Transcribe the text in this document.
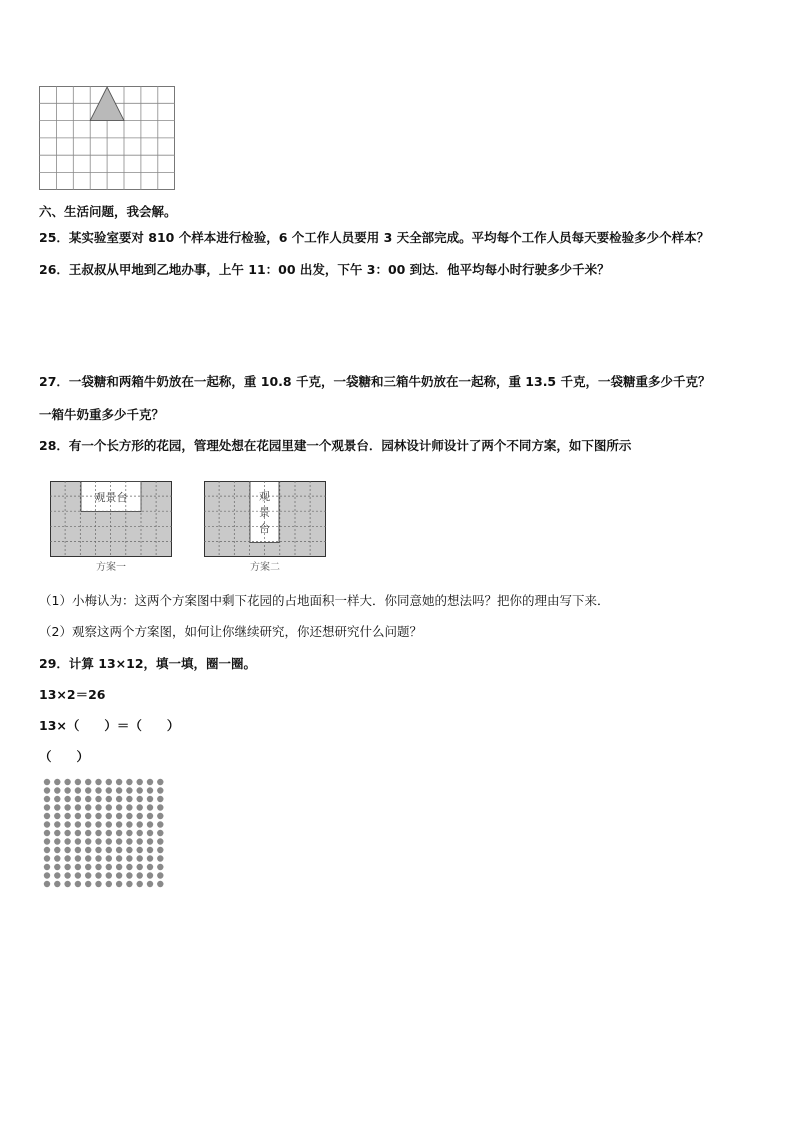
六、生活问题，我会解。
25．某实验室要对 810 个样本进行检验，6 个工作人员要用 3 天全部完成。平均每个工作人员每天要检验多少个样本？
26．王叔叔从甲地到乙地办事，上午 11：00 出发，下午 3：00 到达．他平均每小时行驶多少千米？
27．一袋糖和两箱牛奶放在一起称，重 10.8 千克，一袋糖和三箱牛奶放在一起称，重 13.5 千克，一袋糖重多少千克？
一箱牛奶重多少千克？
28．有一个长方形的花园，管理处想在花园里建一个观景台．园林设计师设计了两个不同方案，如下图所示
观景台
方案一
观
景
台
方案二
（1）小梅认为：这两个方案图中剩下花园的占地面积一样大．你同意她的想法吗？把你的理由写下来．
（2）观察这两个方案图，如何让你继续研究，你还想研究什么问题？
29．计算 13×12，填一填，圈一圈。
13×2＝26
13×（　　）＝（　　）
（　　）
